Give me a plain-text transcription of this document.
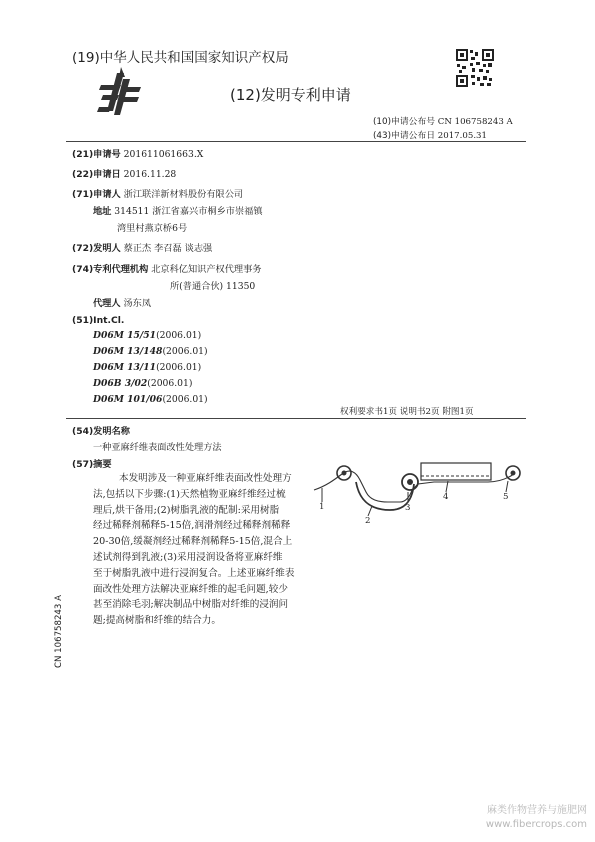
(19)中华人民共和国国家知识产权局
(12)发明专利申请
(10)申请公布号 CN 106758243 A
(43)申请公布日 2017.05.31
(21)申请号 201611061663.X
(22)申请日 2016.11.28
(71)申请人 浙江联洋新材料股份有限公司
地址 314511 浙江省嘉兴市桐乡市崇福镇
湾里村燕京桥6号
(72)发明人 蔡正杰 李召磊 谈志强
(74)专利代理机构 北京科亿知识产权代理事务
所(普通合伙) 11350
代理人 汤东凤
(51)Int.Cl.
D06M 15/51(2006.01)
D06M 13/148(2006.01)
D06M 13/11(2006.01)
D06B 3/02(2006.01)
D06M 101/06(2006.01)
权利要求书1页 说明书2页 附图1页
(54)发明名称
一种亚麻纤维表面改性处理方法
(57)摘要
本发明涉及一种亚麻纤维表面改性处理方
法,包括以下步骤:(1)天然植物亚麻纤维经过梳
理后,烘干备用;(2)树脂乳液的配制:采用树脂
经过稀释剂稀释5-15倍,润滑剂经过稀释剂稀释
20-30倍,缓凝剂经过稀释剂稀释5-15倍,混合上
述试剂得到乳液;(3)采用浸润设备将亚麻纤维
至于树脂乳液中进行浸润复合。上述亚麻纤维表
面改性处理方法解决亚麻纤维的起毛问题,较少
甚至消除毛羽;解决制品中树脂对纤维的浸润问
题;提高树脂和纤维的结合力。
1
2
3
4	5
CN 106758243 A
麻类作物营养与施肥网
www.fibercrops.com
